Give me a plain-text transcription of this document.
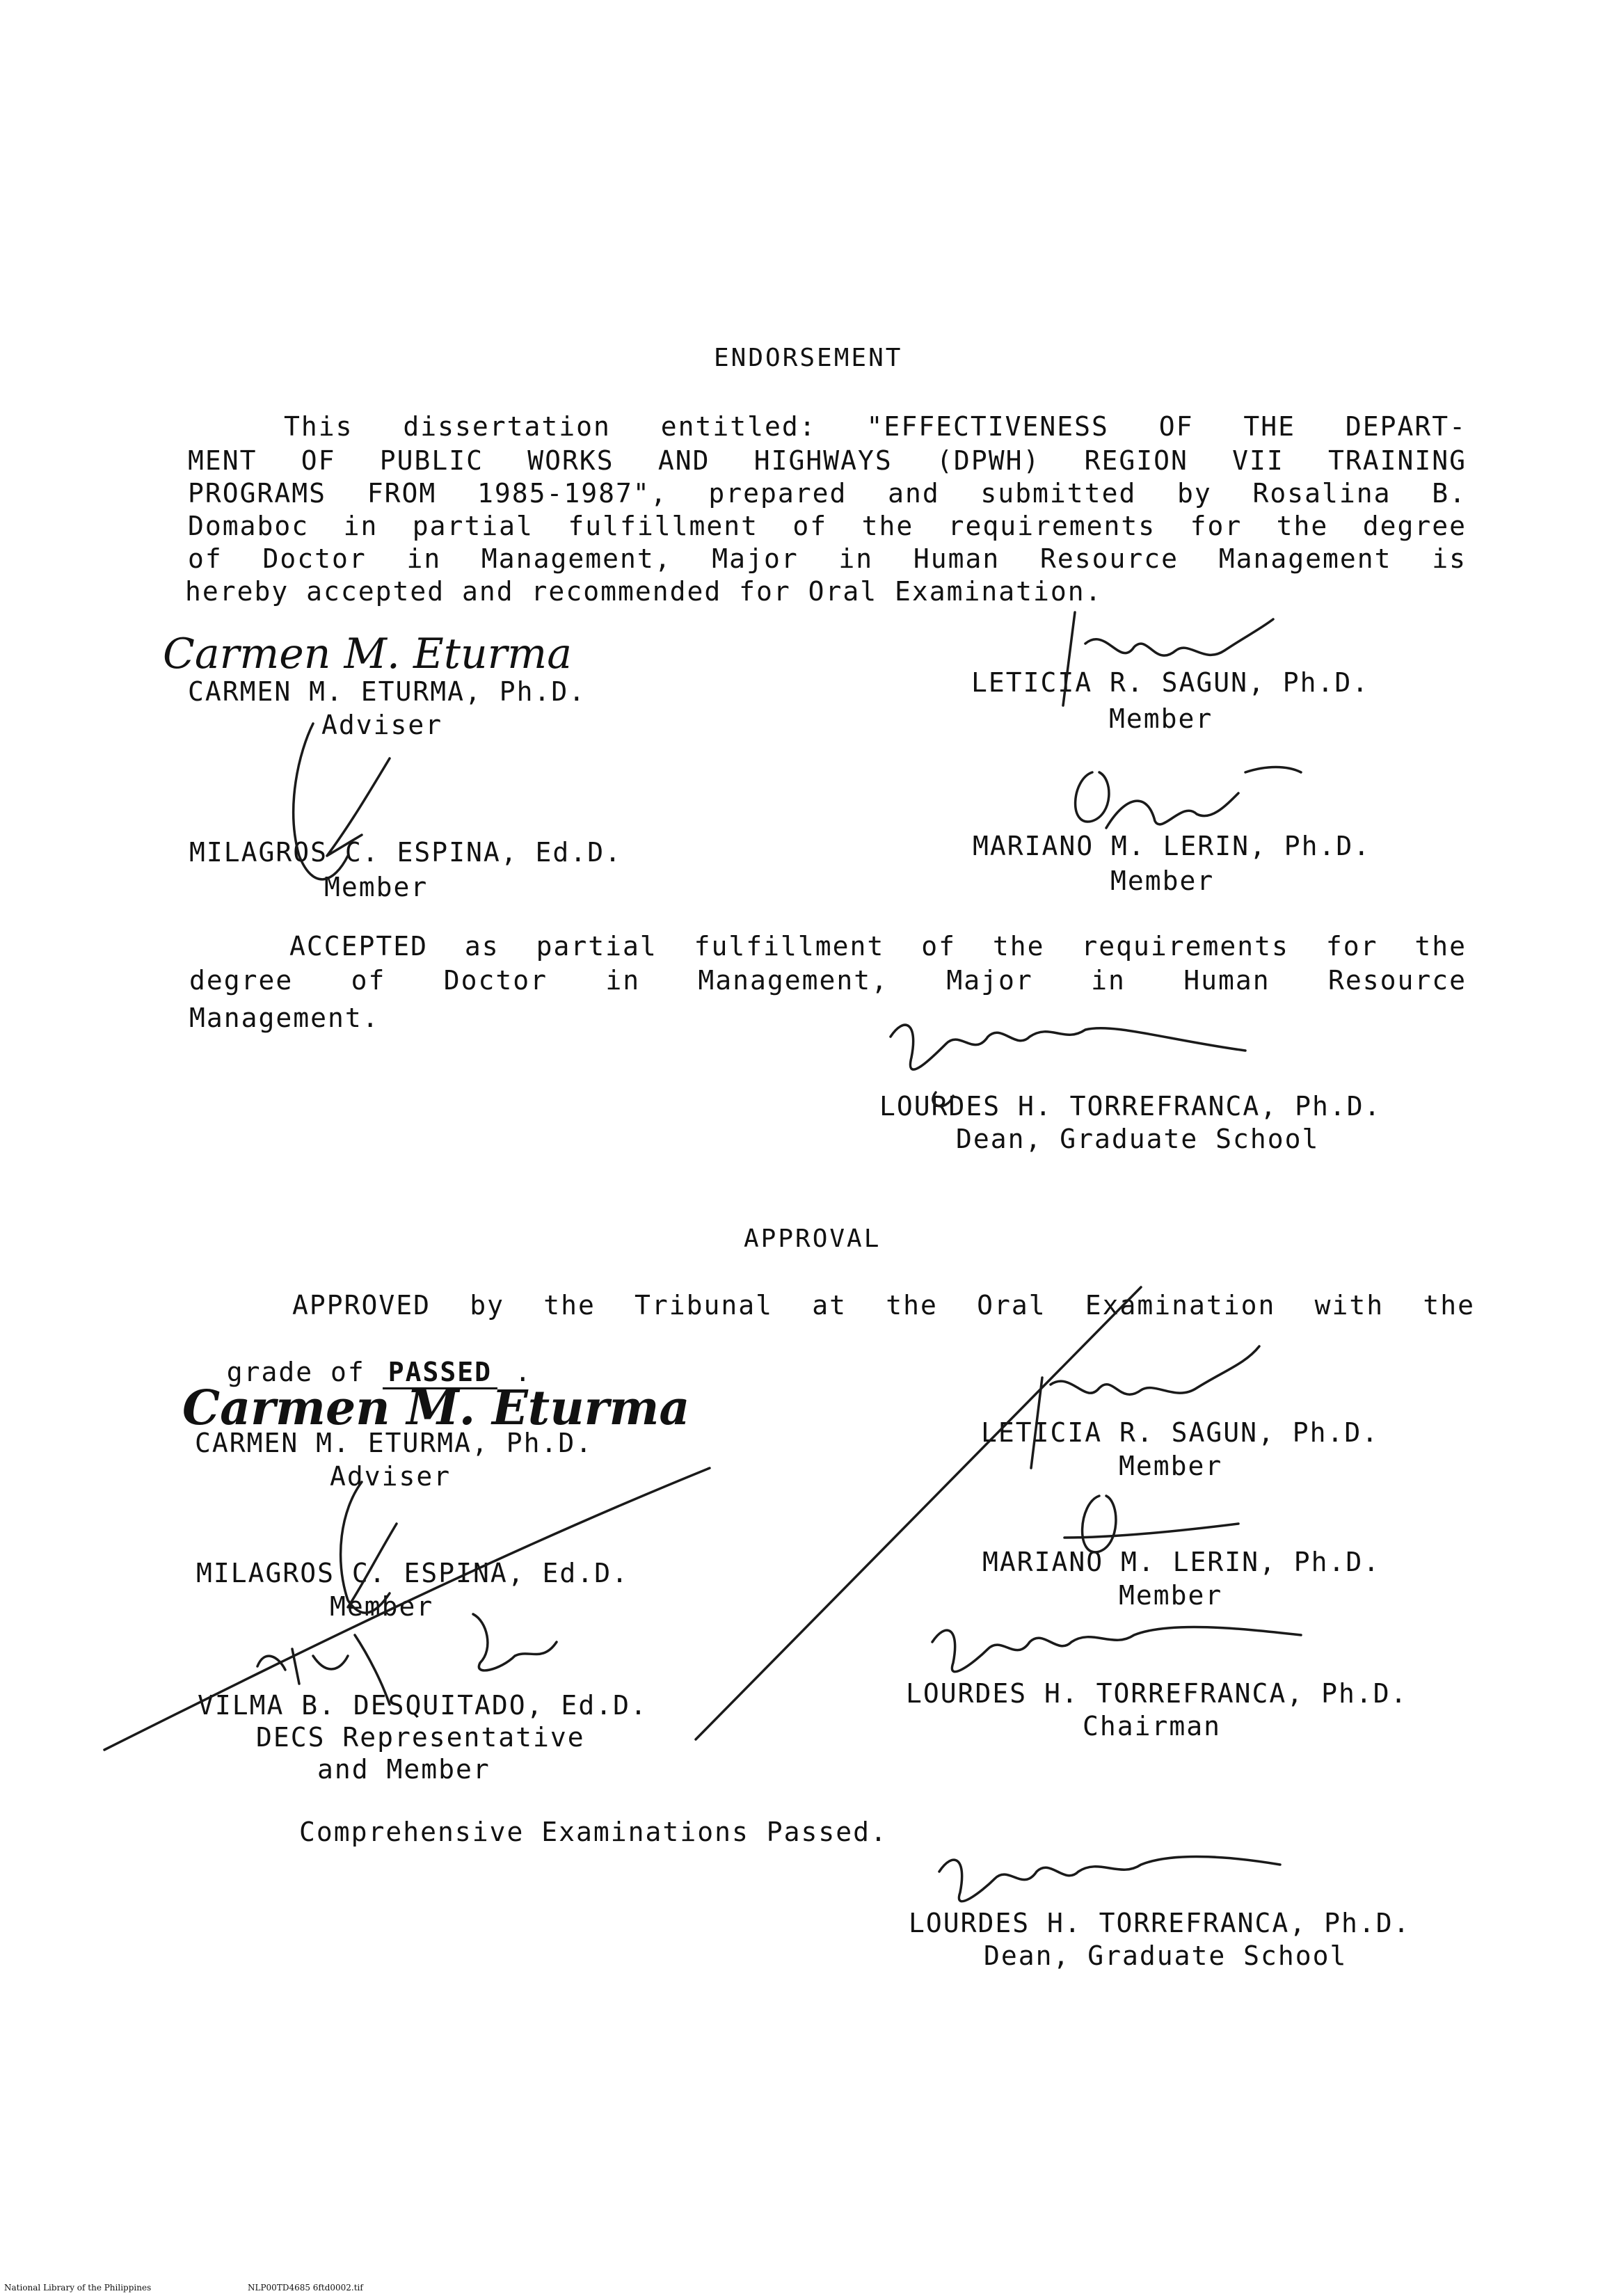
ENDORSEMENT
This dissertation entitled: "EFFECTIVENESS OF THE DEPART-
MENT OF PUBLIC WORKS AND HIGHWAYS (DPWH) REGION VII TRAINING
PROGRAMS FROM 1985-1987", prepared and submitted by Rosalina B.
Domaboc in partial fulfillment of the requirements for the degree
of Doctor in Management, Major in Human Resource Management is
hereby accepted and recommended for Oral Examination.
CARMEN M. ETURMA, Ph.D.
Adviser
LETICIA R. SAGUN, Ph.D.
Member
MILAGROS C. ESPINA, Ed.D.
Member
MARIANO M. LERIN, Ph.D.
Member
ACCEPTED as partial fulfillment of the requirements for the
degree of Doctor in Management, Major in Human Resource
Management.
LOURDES H. TORREFRANCA, Ph.D.
Dean, Graduate School
APPROVAL
APPROVED by the Tribunal at the Oral Examination with the

grade of PASSED .

CARMEN M. ETURMA, Ph.D.
Adviser
LETICIA R. SAGUN, Ph.D.
Member
MILAGROS C. ESPINA, Ed.D.
Member
MARIANO M. LERIN, Ph.D.
Member
VILMA B. DESQUITADO, Ed.D.
DECS Representative
and Member
LOURDES H. TORREFRANCA, Ph.D.
Chairman
Comprehensive Examinations Passed.
LOURDES H. TORREFRANCA, Ph.D.
Dean, Graduate School
Carmen M. Eturma
Carmen M. Eturma
National Library of the Philippines	NLP00TD4685 6ftd0002.tif
